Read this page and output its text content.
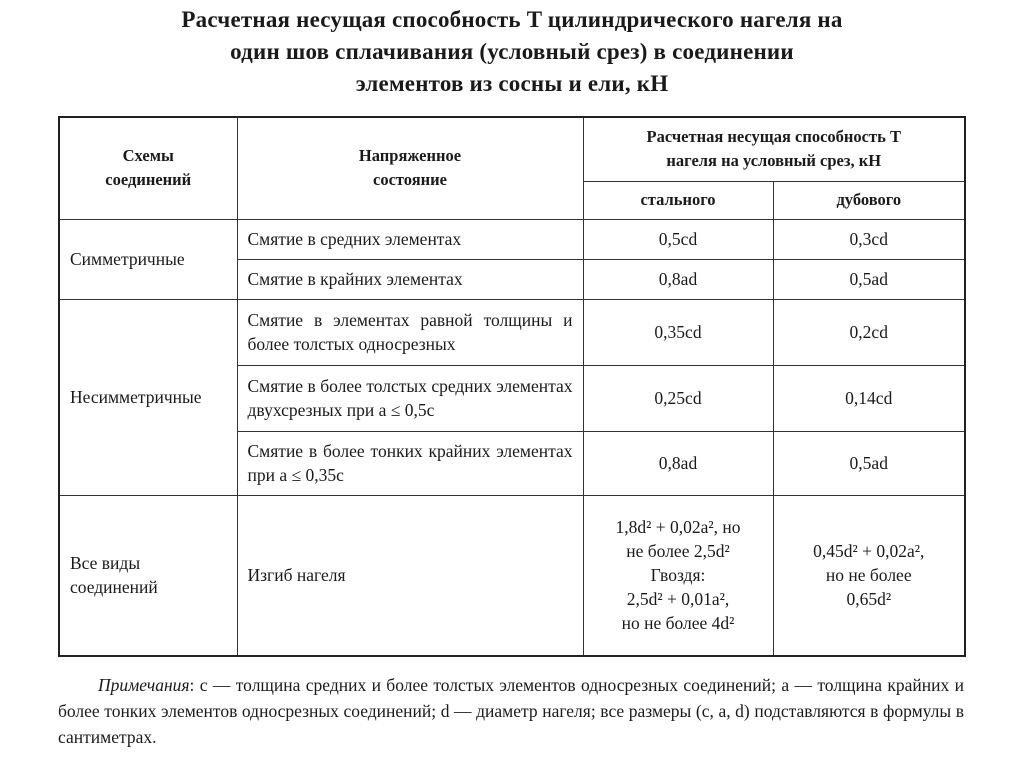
Расчетная несущая способность T цилиндрического нагеля на
один шов сплачивания (условный срез) в соединении
элементов из сосны и ели, кН
Схемы соединений	Напряженное состояние	Расчетная несущая способность T нагеля на условный срез, кН	
		стального	дубового
Симметричные	Смятие в средних элементах	0,5cd	0,3cd
	Смятие в крайних элементах	0,8ad	0,5ad
Несимметричные	Смятие в элементах равной толщины и более толстых односрезных	0,35cd	0,2cd

	Смятие в более толстых средних элементах двухсрезных при a ≤ 0,5c	0,25cd	0,14cd

	Смятие в более тонких крайних элементах при a ≤ 0,35c	0,8ad	0,5ad
Все виды соединений	Изгиб нагеля	1,8d² + 0,02a², но
не более 2,5d²
Гвоздя:
2,5d² + 0,01a²,
но не более 4d²	0,45d² + 0,02a²,
но не более
0,65d²
Примечания: c — толщина средних и более толстых элементов односрезных соединений; a — толщина крайних и более тонких элементов односрезных соединений; d — диаметр нагеля; все размеры (c, a, d) подставляются в формулы в сантиметрах.
